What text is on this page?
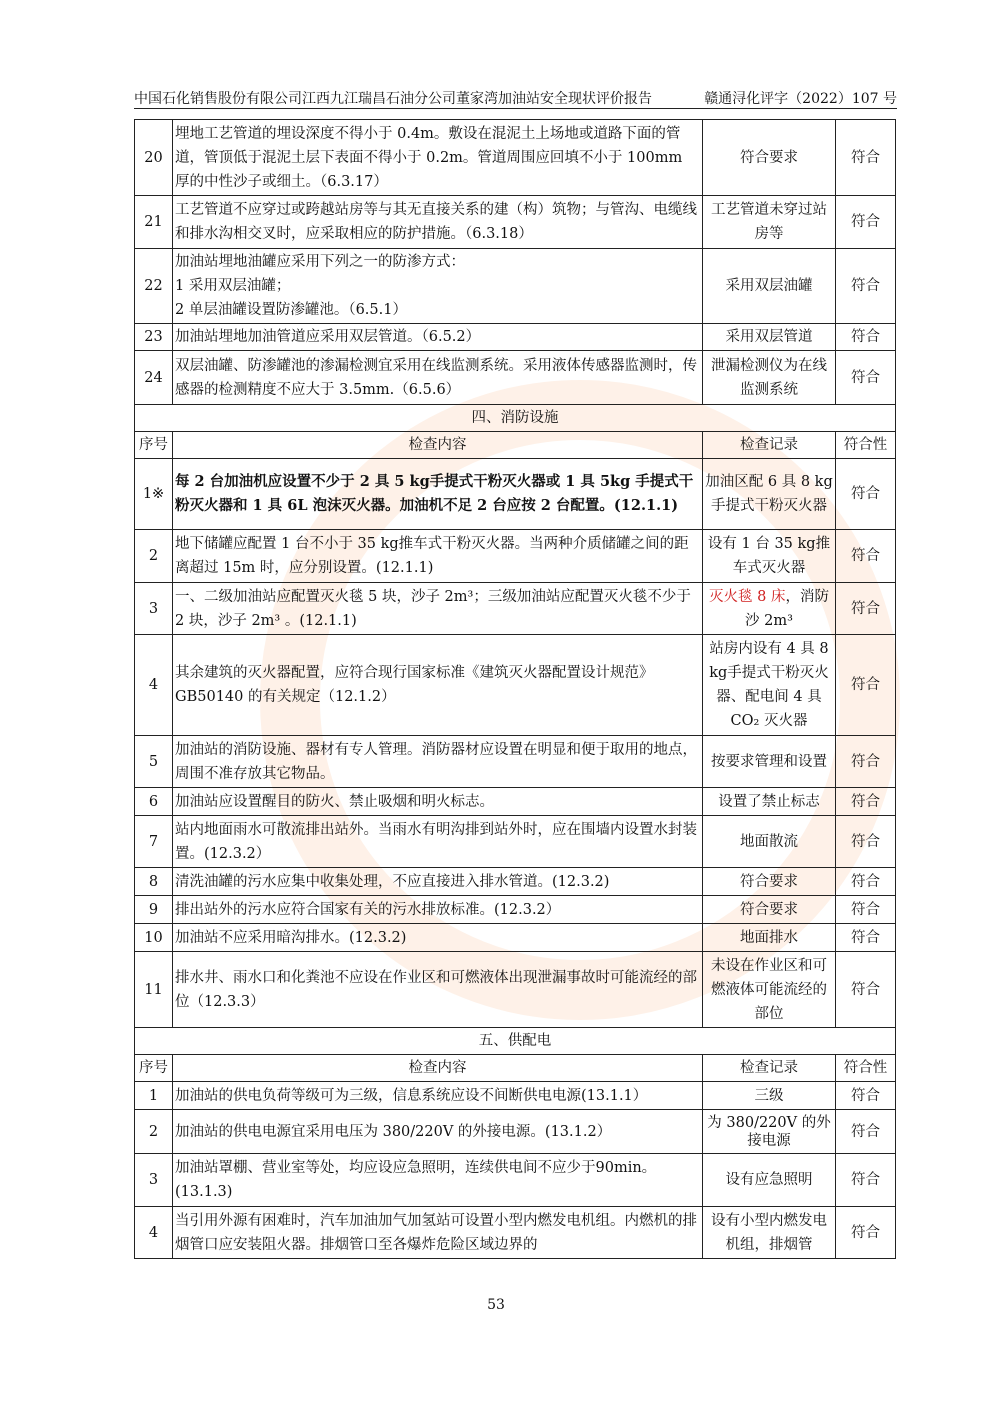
中国石化销售股份有限公司江西九江瑞昌石油分公司董家湾加油站安全现状评价报告	赣通浔化评字（2022）107 号
20	埋地工艺管道的埋设深度不得小于 0.4m。敷设在混泥土上场地或道路下面的管道，管顶低于混泥土层下表面不得小于 0.2m。管道周围应回填不小于 100mm 厚的中性沙子或细土。（6.3.17）	符合要求	符合
21	工艺管道不应穿过或跨越站房等与其无直接关系的建（构）筑物；与管沟、电缆线和排水沟相交叉时，应采取相应的防护措施。（6.3.18）	工艺管道未穿过站房等	符合
22	加油站埋地油罐应采用下列之一的防渗方式：
1 采用双层油罐；
2 单层油罐设置防渗罐池。（6.5.1）	采用双层油罐	符合
23	加油站埋地加油管道应采用双层管道。（6.5.2）	采用双层管道	符合
24	双层油罐、防渗罐池的渗漏检测宜采用在线监测系统。采用液体传感器监测时，传感器的检测精度不应大于 3.5mm.（6.5.6）	泄漏检测仪为在线监测系统	符合
四、消防设施			
序号	检查内容	检查记录	符合性
1※	每 2 台加油机应设置不少于 2 具 5 kg手提式干粉灭火器或 1 具 5kg 手提式干粉灭火器和 1 具 6L 泡沫灭火器。加油机不足 2 台应按 2 台配置。(12.1.1)	加油区配 6 具 8 kg手提式干粉灭火器	符合
2	地下储罐应配置 1 台不小于 35 kg推车式干粉灭火器。当两种介质储罐之间的距离超过 15m 时，应分别设置。(12.1.1)	设有 1 台 35 kg推车式灭火器	符合
3	一、二级加油站应配置灭火毯 5 块，沙子 2m³；三级加油站应配置灭火毯不少于 2 块，沙子 2m³ 。(12.1.1)	灭火毯 8 床，消防沙 2m³	符合
4	其余建筑的灭火器配置，应符合现行国家标准《建筑灭火器配置设计规范》GB50140 的有关规定（12.1.2）	站房内设有 4 具 8 kg手提式干粉灭火器、配电间 4 具 CO₂ 灭火器	符合
5	加油站的消防设施、器材有专人管理。消防器材应设置在明显和便于取用的地点，周围不准存放其它物品。	按要求管理和设置	符合
6	加油站应设置醒目的防火、禁止吸烟和明火标志。	设置了禁止标志	符合
7	站内地面雨水可散流排出站外。当雨水有明沟排到站外时，应在围墙内设置水封装置。(12.3.2）	地面散流	符合
8	清洗油罐的污水应集中收集处理，不应直接进入排水管道。(12.3.2)	符合要求	符合
9	排出站外的污水应符合国家有关的污水排放标准。(12.3.2）	符合要求	符合
10	加油站不应采用暗沟排水。(12.3.2)	地面排水	符合
11	排水井、雨水口和化粪池不应设在作业区和可燃液体出现泄漏事故时可能流经的部位（12.3.3）	未设在作业区和可燃液体可能流经的部位	符合
五、供配电			
序号	检查内容	检查记录	符合性
1	加油站的供电负荷等级可为三级，信息系统应设不间断供电电源(13.1.1）	三级	符合
2	加油站的供电电源宜采用电压为 380/220V 的外接电源。(13.1.2）	为 380/220V 的外接电源	符合
3	加油站罩棚、营业室等处，均应设应急照明，连续供电间不应少于90min。(13.1.3)	设有应急照明	符合
4	当引用外源有困难时，汽车加油加气加氢站可设置小型内燃发电机组。内燃机的排烟管口应安装阻火器。排烟管口至各爆炸危险区域边界的	设有小型内燃发电机组，排烟管	符合
53
